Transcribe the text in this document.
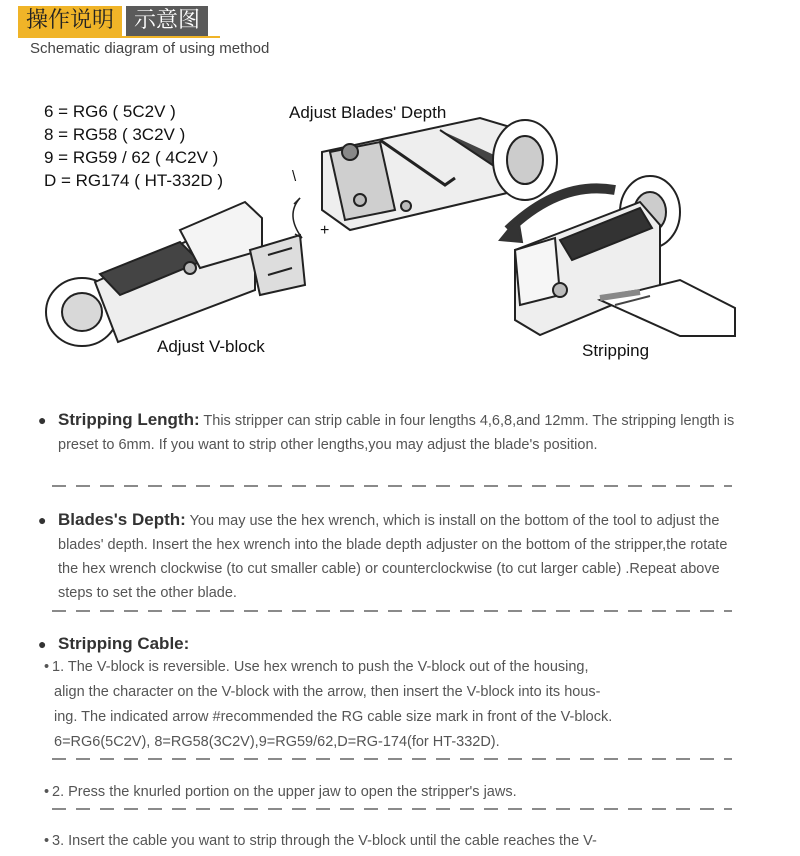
操作说明 示意图
Schematic diagram of using method
6 = RG6 ( 5C2V )
8 = RG58 ( 3C2V )
9 = RG59 / 62 ( 4C2V )
D = RG174 ( HT-332D )
Adjust Blades' Depth
Adjust V-block	Stripping
\
+
● Stripping Length: This stripper can strip cable in four lengths 4,6,8,and 12mm. The stripping length is preset to 6mm. If you want to strip other lengths,you may adjust the blade's position.
● Blades's Depth: You may use the hex wrench, which is install on the bottom of the tool to adjust the blades' depth. Insert the hex wrench into the blade depth adjuster on the bottom of the stripper,the rotate the hex wrench clockwise (to cut smaller cable) or counterclockwise (to cut larger cable) .Repeat above steps to set the other blade.
● Stripping Cable:
• 1. The V-block is reversible. Use hex wrench to push the V-block out of the housing,
align the character on the V-block with the arrow, then insert the V-block into its hous-
ing. The indicated arrow #recommended the RG cable size mark in front of the V-block.
6=RG6(5C2V), 8=RG58(3C2V),9=RG59/62,D=RG-174(for HT-332D).
• 2. Press the knurled portion on the upper jaw to open the stripper's jaws.
• 3. Insert the cable you want to strip through the V-block until the cable reaches the V-
